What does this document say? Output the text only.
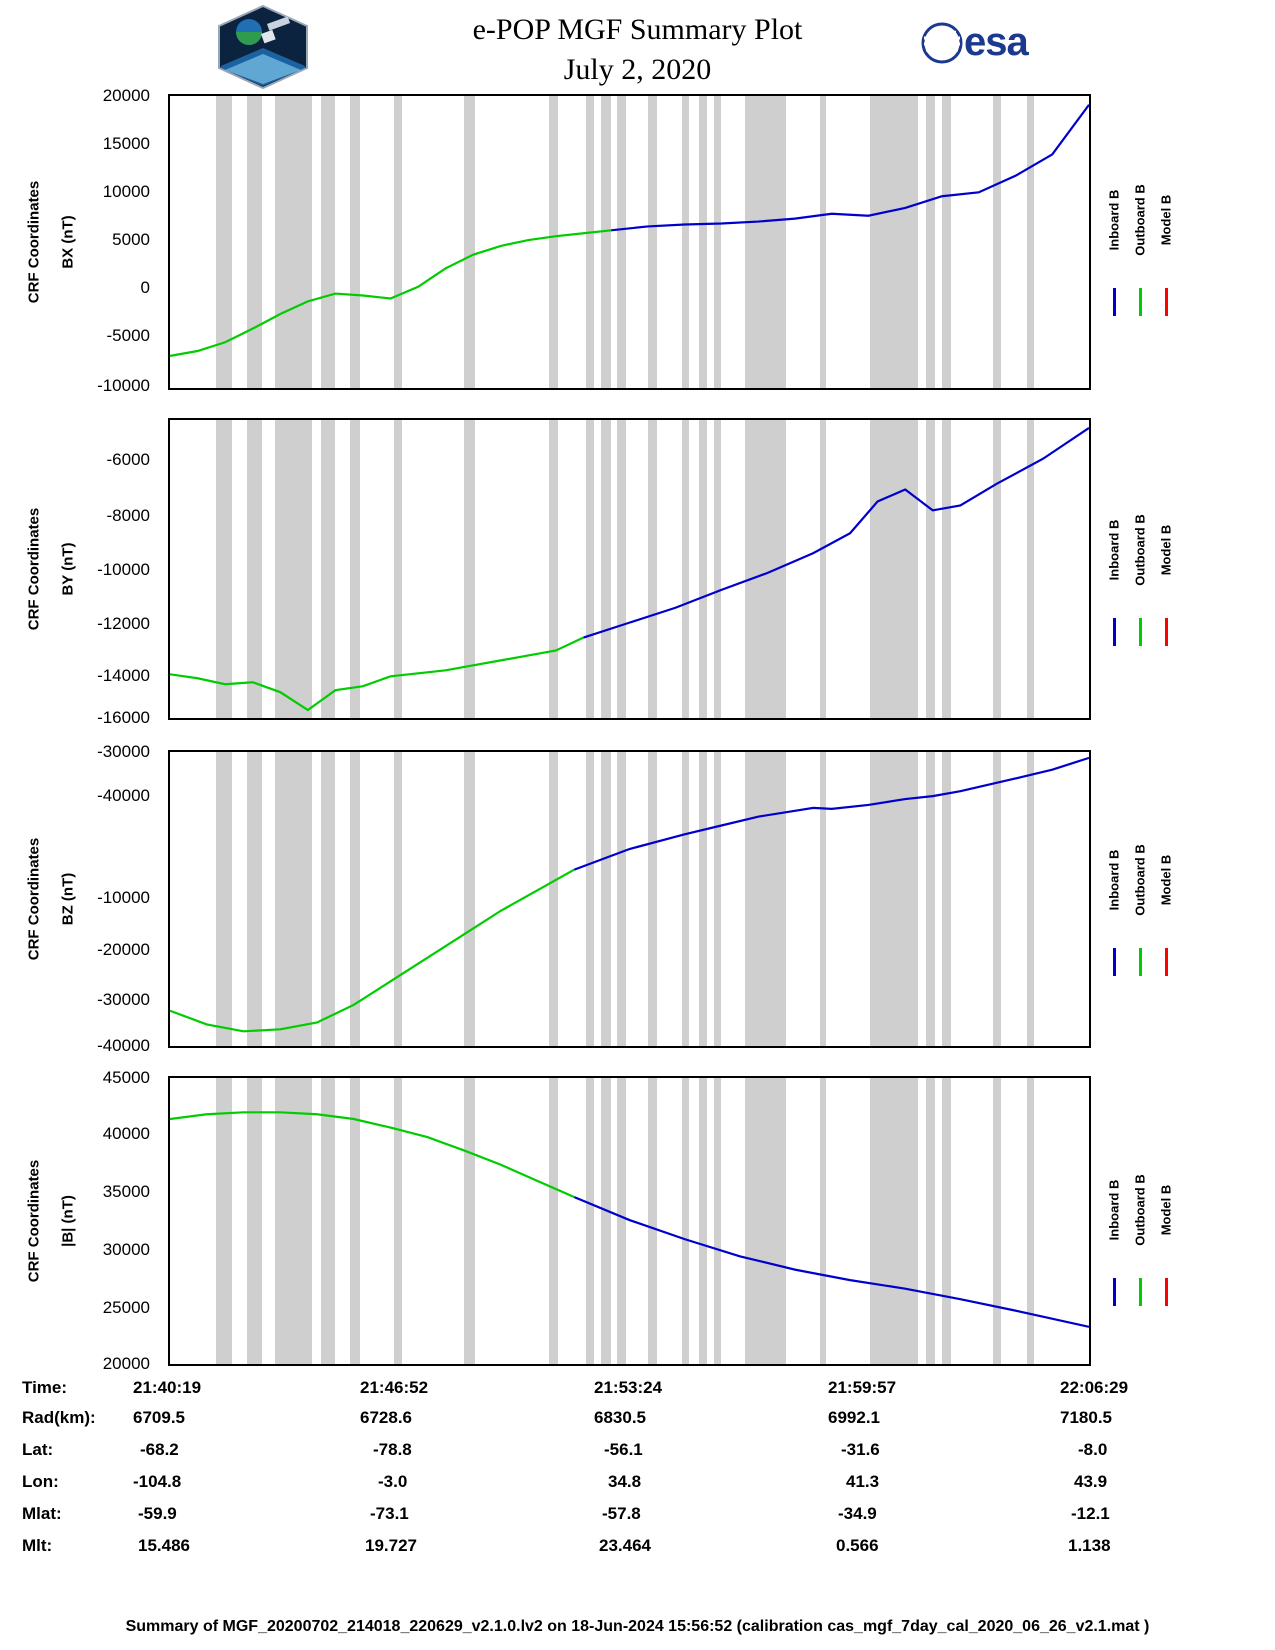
e-POP MGF Summary Plot
July 2, 2020
esa
CRF Coordinates BX (nT)
20000
15000
10000
5000
0
-5000
-10000
Inboard B Outboard B Model B
CRF Coordinates BY (nT)
-6000
-8000
-10000
-12000
-14000
-16000
Inboard B Outboard B Model B
CRF Coordinates BZ (nT)
-30000
-40000
-10000
-20000
-30000
-40000
Inboard B Outboard B Model B
CRF Coordinates |B| (nT)
45000
40000
35000
30000
25000
20000
Inboard B Outboard B Model B
Time:
Rad(km):
Lat:
Lon:
Mlat:
Mlt:
21:40:19
6709.5
-68.2
-104.8
-59.9
15.486
21:46:52
6728.6
-78.8
-3.0
-73.1
19.727
21:53:24
6830.5
-56.1
34.8
-57.8
23.464
21:59:57
6992.1
-31.6
41.3
-34.9
0.566
22:06:29
7180.5
-8.0
43.9
-12.1
1.138
Summary of MGF_20200702_214018_220629_v2.1.0.lv2 on 18-Jun-2024 15:56:52 (calibration cas_mgf_7day_cal_2020_06_26_v2.1.mat )
